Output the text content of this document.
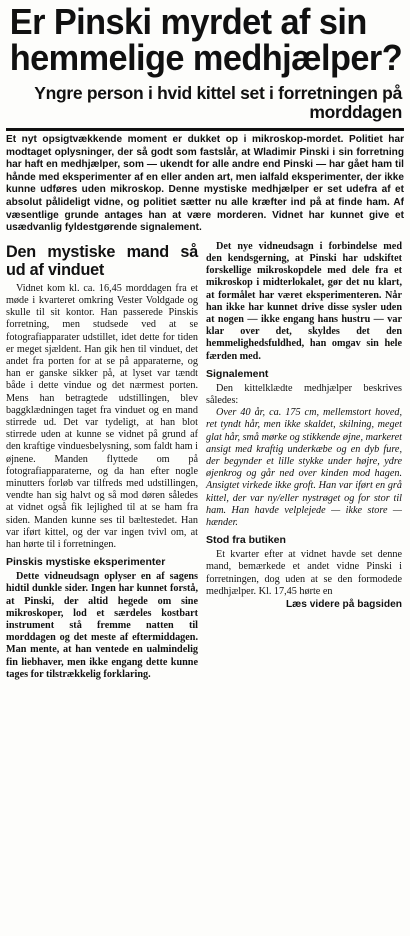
Er Pinski myrdet af sin hemmelige medhjælper?
Yngre person i hvid kittel set i forretningen på morddagen
Et nyt opsigtvækkende moment er dukket op i mikroskop-mordet. Politiet har modtaget oplysninger, der så godt som fastslår, at Wladimir Pinski i sin forretning har haft en medhjælper, som — ukendt for alle andre end Pinski — har gået ham til hånde med eksperimenter af en eller anden art, men ialfald eksperimenter, der ikke kunne udføres uden mikroskop. Denne mystiske medhjælper er set udefra af et absolut pålideligt vidne, og politiet sætter nu alle kræfter ind på at finde ham. Af væsentlige grunde antages han at være morderen. Vidnet har kunnet give et usædvanlig fyldestgørende signalement.
Den mystiske mand så ud af vinduet

Vidnet kom kl. ca. 16,45 morddagen fra et møde i kvarteret omkring Vester Voldgade og skulle til sit kontor. Han passerede Pinskis forretning, men studsede ved at se fotografiapparater udstillet, idet dette for tiden er meget sjældent. Han gik hen til vinduet, det andet fra porten for at se på apparaterne, og han er ganske sikker på, at lyset var tændt både i dette vindue og det nærmest porten. Mens han betragtede udstillingen, blev baggklædningen taget fra vinduet og en mand stirrede ud. Det var tydeligt, at han blot stirrede uden at kunne se vidnet på grund af den kraftige vinduesbelysning, som faldt ham i øjnene. Manden flyttede om på fotografiapparaterne, og da han efter nogle minutters forløb var tilfreds med udstillingen, vendte han sig halvt og så mod døren således at vidnet også fik lejlighed til at se ham fra siden. Manden kunne ses til bæltestedet. Han var iført kittel, og der var ingen tvivl om, at han hørte til i forretningen.

Pinskis mystiske eksperimenter

Dette vidneudsagn oplyser en af sagens hidtil dunkle sider. Ingen har kunnet forstå, at Pinski, der altid hegede om sine mikroskoper, lod et særdeles kostbart instrument stå fremme natten til morddagen og det meste af eftermiddagen. Man mente, at han ventede en ualmindelig fin liebhaver, men ikke engang dette kunne tages for tilstrækkelig forklaring.

Det nye vidneudsagn i forbindelse med den kendsgerning, at Pinski har udskiftet forskellige mikroskopdele med dele fra et mikroskop i midterlokalet, gør det nu klart, at formålet har været eksperimenteren. Når han ikke har kunnet drive disse sysler uden at nogen — ikke engang hans hustru — var klar over det, skyldes det den hemmelighedsfuldhed, han omgav sin hele færden med.

Signalement

Den kittelklædte medhjælper beskrives således:

Over 40 år, ca. 175 cm, mellemstort hoved, ret tyndt hår, men ikke skaldet, skilning, meget glat hår, små mørke og stikkende øjne, markeret ansigt med kraftig underkæbe og en dyb fure, der begynder et lille stykke under højre, ydre øjenkrog og går ned over kinden mod hagen. Ansigtet virkede ikke groft. Han var iført en grå kittel, der var ny/eller nystrøget og for stor til ham. Han havde velplejede — ikke store — hænder.

Stod fra butiken

Et kvarter efter at vidnet havde set denne mand, bemærkede et andet vidne Pinski i forretningen, dog uden at se den formodede medhjælper. Kl. 17,45 hørte en

Læs videre på bagsiden
